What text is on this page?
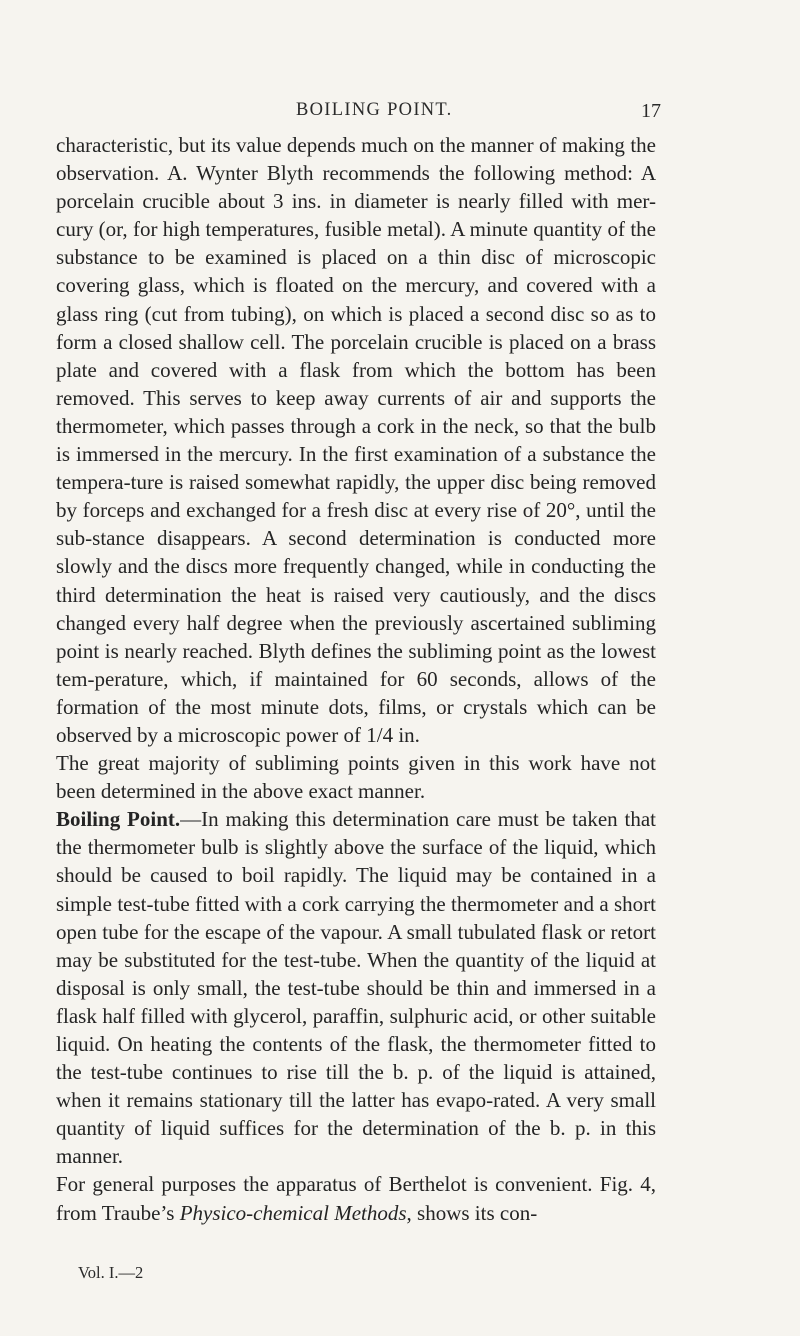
BOILING POINT.	17

characteristic, but its value depends much on the manner of making the observation. A. Wynter Blyth recommends the following method: A porcelain crucible about 3 ins. in diameter is nearly filled with mer-cury (or, for high temperatures, fusible metal). A minute quantity of the substance to be examined is placed on a thin disc of microscopic covering glass, which is floated on the mercury, and covered with a glass ring (cut from tubing), on which is placed a second disc so as to form a closed shallow cell. The porcelain crucible is placed on a brass plate and covered with a flask from which the bottom has been removed. This serves to keep away currents of air and supports the thermometer, which passes through a cork in the neck, so that the bulb is immersed in the mercury. In the first examination of a substance the tempera-ture is raised somewhat rapidly, the upper disc being removed by forceps and exchanged for a fresh disc at every rise of 20°, until the sub-stance disappears. A second determination is conducted more slowly and the discs more frequently changed, while in conducting the third determination the heat is raised very cautiously, and the discs changed every half degree when the previously ascertained subliming point is nearly reached. Blyth defines the subliming point as the lowest tem-perature, which, if maintained for 60 seconds, allows of the formation of the most minute dots, films, or crystals which can be observed by a microscopic power of 1/4 in.

The great majority of subliming points given in this work have not been determined in the above exact manner.

Boiling Point.—In making this determination care must be taken that the thermometer bulb is slightly above the surface of the liquid, which should be caused to boil rapidly. The liquid may be contained in a simple test-tube fitted with a cork carrying the thermometer and a short open tube for the escape of the vapour. A small tubulated flask or retort may be substituted for the test-tube. When the quantity of the liquid at disposal is only small, the test-tube should be thin and immersed in a flask half filled with glycerol, paraffin, sulphuric acid, or other suitable liquid. On heating the contents of the flask, the thermometer fitted to the test-tube continues to rise till the b. p. of the liquid is attained, when it remains stationary till the latter has evapo-rated. A very small quantity of liquid suffices for the determination of the b. p. in this manner.

For general purposes the apparatus of Berthelot is convenient. Fig. 4, from Traube’s Physico-chemical Methods, shows its con-

Vol. I.—2
